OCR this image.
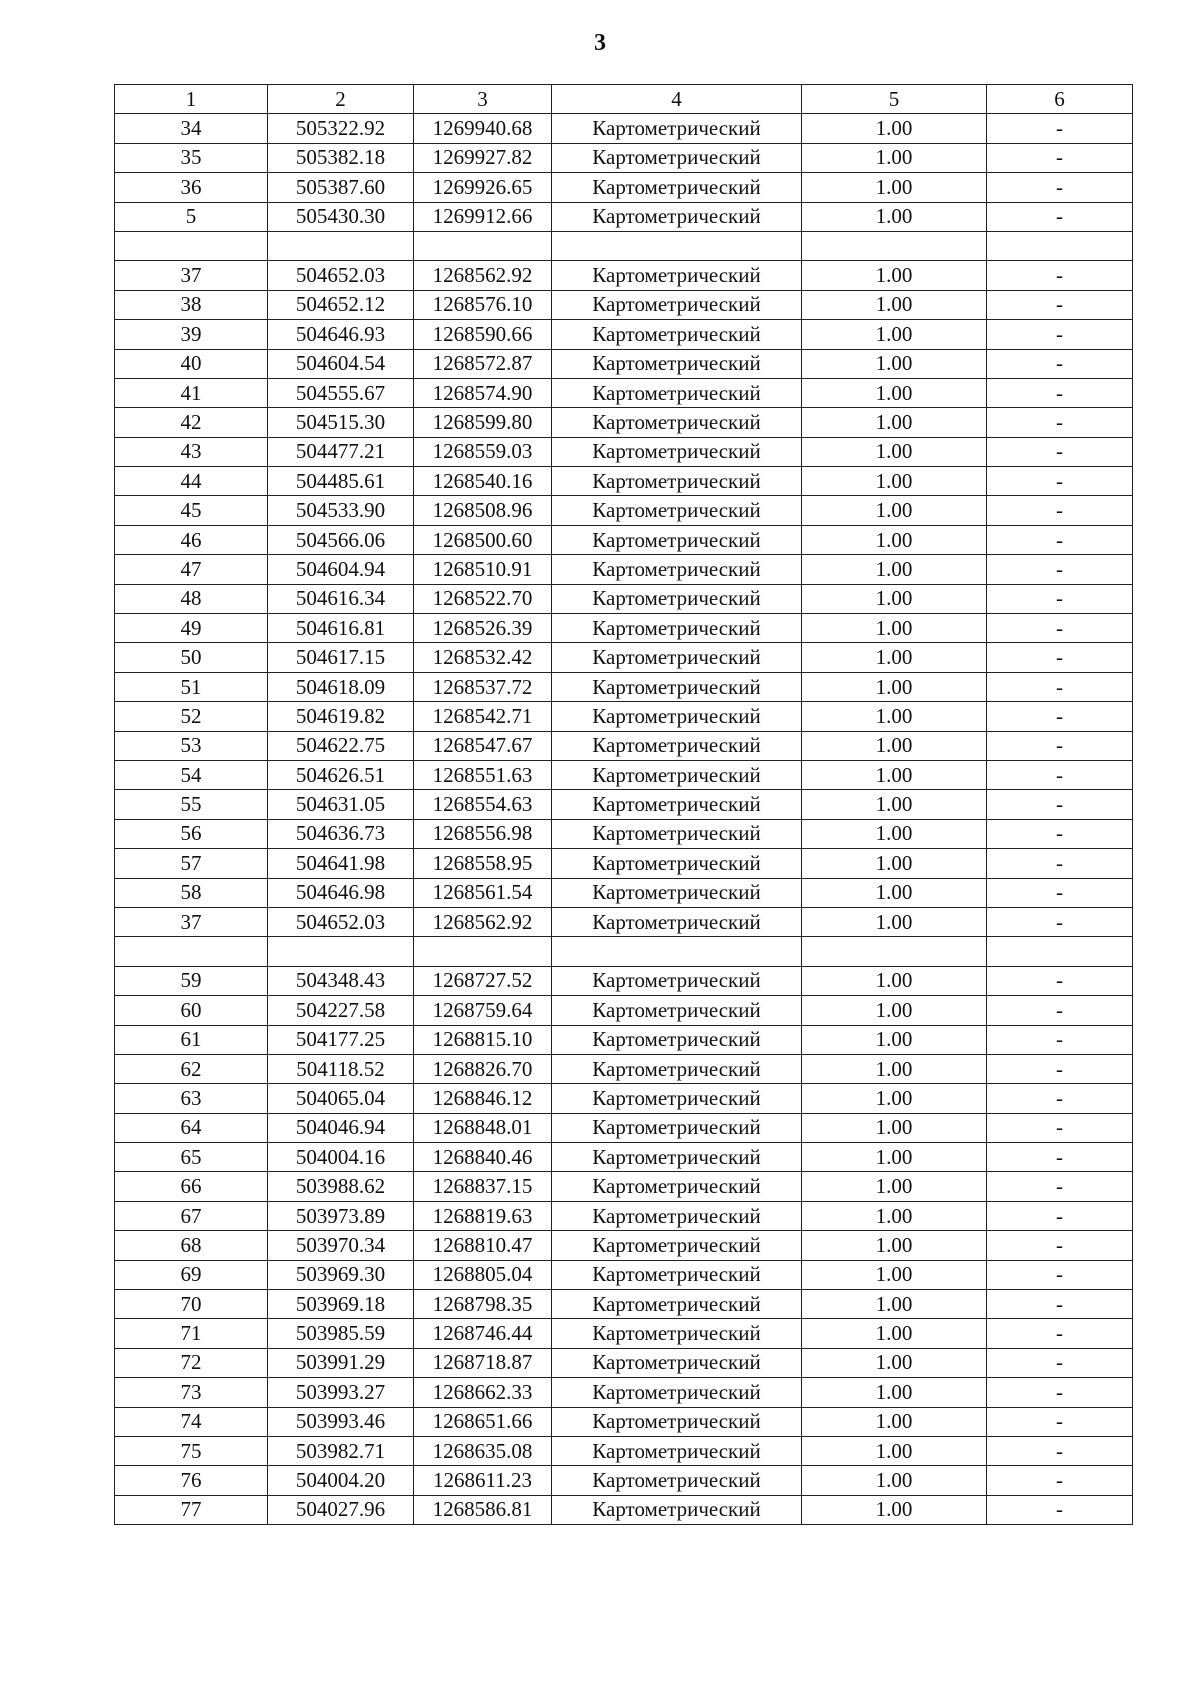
3
1	2	3	4	5	6
34	505322.92	1269940.68	Картометрический	1.00	-
35	505382.18	1269927.82	Картометрический	1.00	-
36	505387.60	1269926.65	Картометрический	1.00	-
5	505430.30	1269912.66	Картометрический	1.00	-

37	504652.03	1268562.92	Картометрический	1.00	-
38	504652.12	1268576.10	Картометрический	1.00	-
39	504646.93	1268590.66	Картометрический	1.00	-
40	504604.54	1268572.87	Картометрический	1.00	-
41	504555.67	1268574.90	Картометрический	1.00	-
42	504515.30	1268599.80	Картометрический	1.00	-
43	504477.21	1268559.03	Картометрический	1.00	-
44	504485.61	1268540.16	Картометрический	1.00	-
45	504533.90	1268508.96	Картометрический	1.00	-
46	504566.06	1268500.60	Картометрический	1.00	-
47	504604.94	1268510.91	Картометрический	1.00	-
48	504616.34	1268522.70	Картометрический	1.00	-
49	504616.81	1268526.39	Картометрический	1.00	-
50	504617.15	1268532.42	Картометрический	1.00	-
51	504618.09	1268537.72	Картометрический	1.00	-
52	504619.82	1268542.71	Картометрический	1.00	-
53	504622.75	1268547.67	Картометрический	1.00	-
54	504626.51	1268551.63	Картометрический	1.00	-
55	504631.05	1268554.63	Картометрический	1.00	-
56	504636.73	1268556.98	Картометрический	1.00	-
57	504641.98	1268558.95	Картометрический	1.00	-
58	504646.98	1268561.54	Картометрический	1.00	-
37	504652.03	1268562.92	Картометрический	1.00	-

59	504348.43	1268727.52	Картометрический	1.00	-
60	504227.58	1268759.64	Картометрический	1.00	-
61	504177.25	1268815.10	Картометрический	1.00	-
62	504118.52	1268826.70	Картометрический	1.00	-
63	504065.04	1268846.12	Картометрический	1.00	-
64	504046.94	1268848.01	Картометрический	1.00	-
65	504004.16	1268840.46	Картометрический	1.00	-
66	503988.62	1268837.15	Картометрический	1.00	-
67	503973.89	1268819.63	Картометрический	1.00	-
68	503970.34	1268810.47	Картометрический	1.00	-
69	503969.30	1268805.04	Картометрический	1.00	-
70	503969.18	1268798.35	Картометрический	1.00	-
71	503985.59	1268746.44	Картометрический	1.00	-
72	503991.29	1268718.87	Картометрический	1.00	-
73	503993.27	1268662.33	Картометрический	1.00	-
74	503993.46	1268651.66	Картометрический	1.00	-
75	503982.71	1268635.08	Картометрический	1.00	-
76	504004.20	1268611.23	Картометрический	1.00	-
77	504027.96	1268586.81	Картометрический	1.00	-
